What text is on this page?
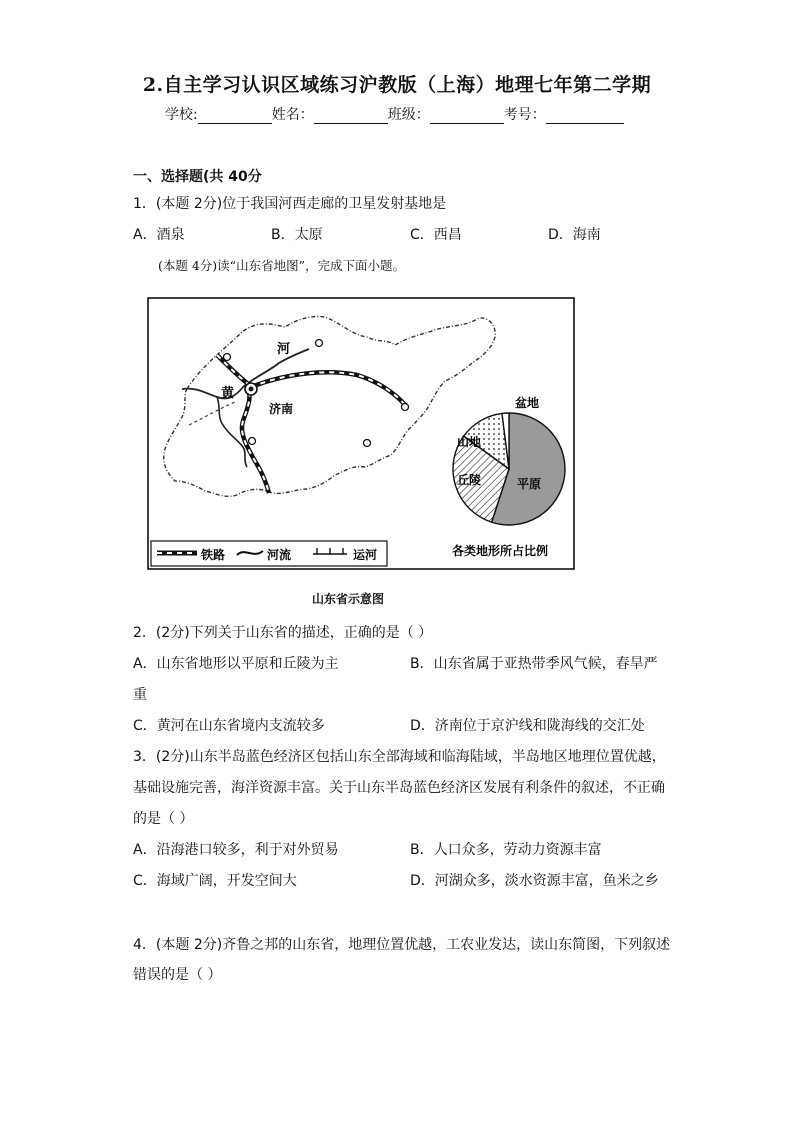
2.自主学习认识区域练习沪教版（上海）地理七年第二学期
学校:	姓名：	班级：	考号：
一、选择题(共 40分
1．(本题 2分)位于我国河西走廊的卫星发射基地是
A．酒泉	B．太原	C．西昌	D．海南
(本题 4分)读“山东省地图”，完成下面小题。
河
黄
济南	盆地
山地
丘陵	平原
各类地形所占比例
铁路	河流	运河
山东省示意图
2．(2分)下列关于山东省的描述，正确的是（ ）
A．山东省地形以平原和丘陵为主	B．山东省属于亚热带季风气候，春旱严
重
C．黄河在山东省境内支流较多	D．济南位于京沪线和陇海线的交汇处
3．(2分)山东半岛蓝色经济区包括山东全部海域和临海陆域，半岛地区地理位置优越，
基础设施完善，海洋资源丰富。关于山东半岛蓝色经济区发展有利条件的叙述，不正确
的是（ ）
A．沿海港口较多，利于对外贸易	B．人口众多，劳动力资源丰富
C．海域广阔，开发空间大	D．河湖众多，淡水资源丰富，鱼米之乡
4．(本题 2分)齐鲁之邦的山东省，地理位置优越，工农业发达，读山东简图，下列叙述
错误的是（ ）
